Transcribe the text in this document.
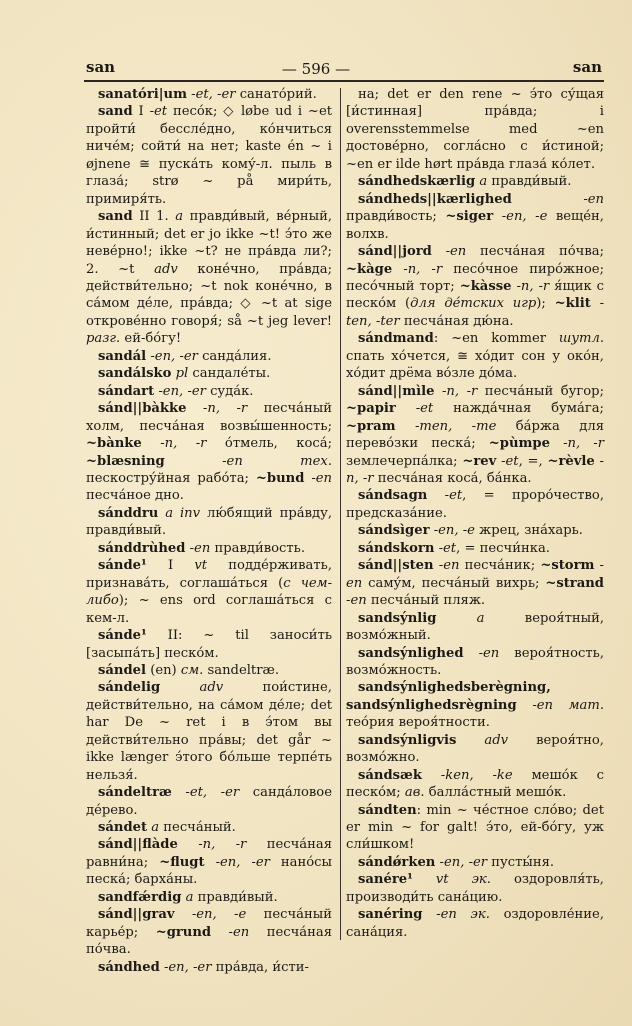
san	— 596 —	san

sanatóri|um -et, -er санато́рий.

sand I -et песо́к; ◇ løbe ud i ~et пройти́ бессле́дно, ко́нчиться ниче́м; сойти́ на нет; kaste én ~ i øjnene ≅ пуска́ть кому́-л. пыль в глаза́; strø ~ på мири́ть, примиря́ть.

sand II 1. a правди́вый, ве́рный, и́стинный; det er jo ikke ~t! э́то же неве́рно!; ikke ~t? не пра́вда ли?; 2. ~t adv коне́чно, пра́вда; действи́тельно; ~t nok коне́чно, в са́мом де́ле, пра́вда; ◇ ~t at sige открове́нно говоря́; så ~t jeg lever! разг. ей-бо́гу!

sandál -en, -er санда́лия.

sandálsko pl сандале́ты.

sándart -en, -er суда́к.

sánd||bàkke -n, -r песча́ный холм, песча́ная возвы́шенность; ~bànke -n, -r о́тмель, коса́; ~blæsning -en тех. пескостру́йная рабо́та; ~bund -en песча́ное дно.

sánddru a inv лю́бящий пра́вду, правди́вый.

sánddrùhed -en правди́вость.

sánde¹ I vt подде́рживать, признава́ть, соглаша́ться (с чем-либо); ~ ens ord соглаша́ться с кем-л.

sánde¹ II: ~ til заноси́ть [засыпа́ть] песко́м.

sándel (en) см. sandeltræ.

sándelig adv пои́стине, действи́тельно, на са́мом де́ле; det har De ~ ret i в э́том вы действи́тельно пра́вы; det går ~ ikke længer э́того бо́льше терпе́ть нельзя́.

sándeltræ -et, -er санда́ловое де́рево.

sándet a песча́ный.

sánd||flàde -n, -r песча́ная равни́на; ~flugt -en, -er нано́сы песка́; барха́ны.

sandfǽrdig a правди́вый.

sánd||grav -en, -e песча́ный карье́р; ~grund -en песча́ная по́чва.

sándhed -en, -er пра́вда, и́сти-

на; det er den rene ~ э́то су́щая [и́стинная] пра́вда; i overensstemmelse med ~en достове́рно, согла́сно с и́стиной; ~en er ilde hørt пра́вда глаза́ ко́лет.

sándhedskærlig a правди́вый.

sándheds||kærlighed -en правди́вость; ~siger -en, -e веще́н, волхв.

sánd||jord -en песча́ная по́чва; ~kàge -n, -r песо́чное пиро́жное; песо́чный торт; ~kàsse -n, -r я́щик с песко́м (для де́тских игр); ~klit -ten, -ter песча́ная дю́на.

sándmand: ~en kommer шутл. спать хо́чется, ≅ хо́дит сон у око́н, хо́дит дрёма во́зле до́ма.

sánd||mìle -n, -r песча́ный бугор; ~papir -et нажда́чная бума́га; ~pram -men, -me ба́ржа для перево́зки песка́; ~pùmpe -n, -r землечерпа́лка; ~rev -et, =, ~rèvle -n, -r песча́ная коса́, ба́нка.

sándsagn -et, = проро́чество, предсказа́ние.

sándsìger -en, -e жрец, зна́харь.

sándskorn -et, = песчи́нка.

sánd||sten -en песча́ник; ~storm -en саму́м, песча́ный вихрь; ~strand -en песча́ный пляж.

sandsýnlig a вероя́тный, возмо́жный.

sandsýnlighed -en вероя́тность, возмо́жность.

sandsýnlighedsberègning, sandsýnlighedsrègning -en мат. тео́рия вероя́тности.

sandsýnligvis adv вероя́тно, возмо́жно.

sándsæk -ken, -ke мешо́к с песко́м; ав. балла́стный мешо́к.

sándten: min ~ че́стное сло́во; det er min ~ for galt! э́то, ей-бо́гу, уж сли́шком!

sándǿrken -en, -er пусты́ня.

sanére¹ vt эк. оздоровля́ть, производи́ть сана́цию.

sanéring -en эк. оздоровле́ние, сана́ция.
